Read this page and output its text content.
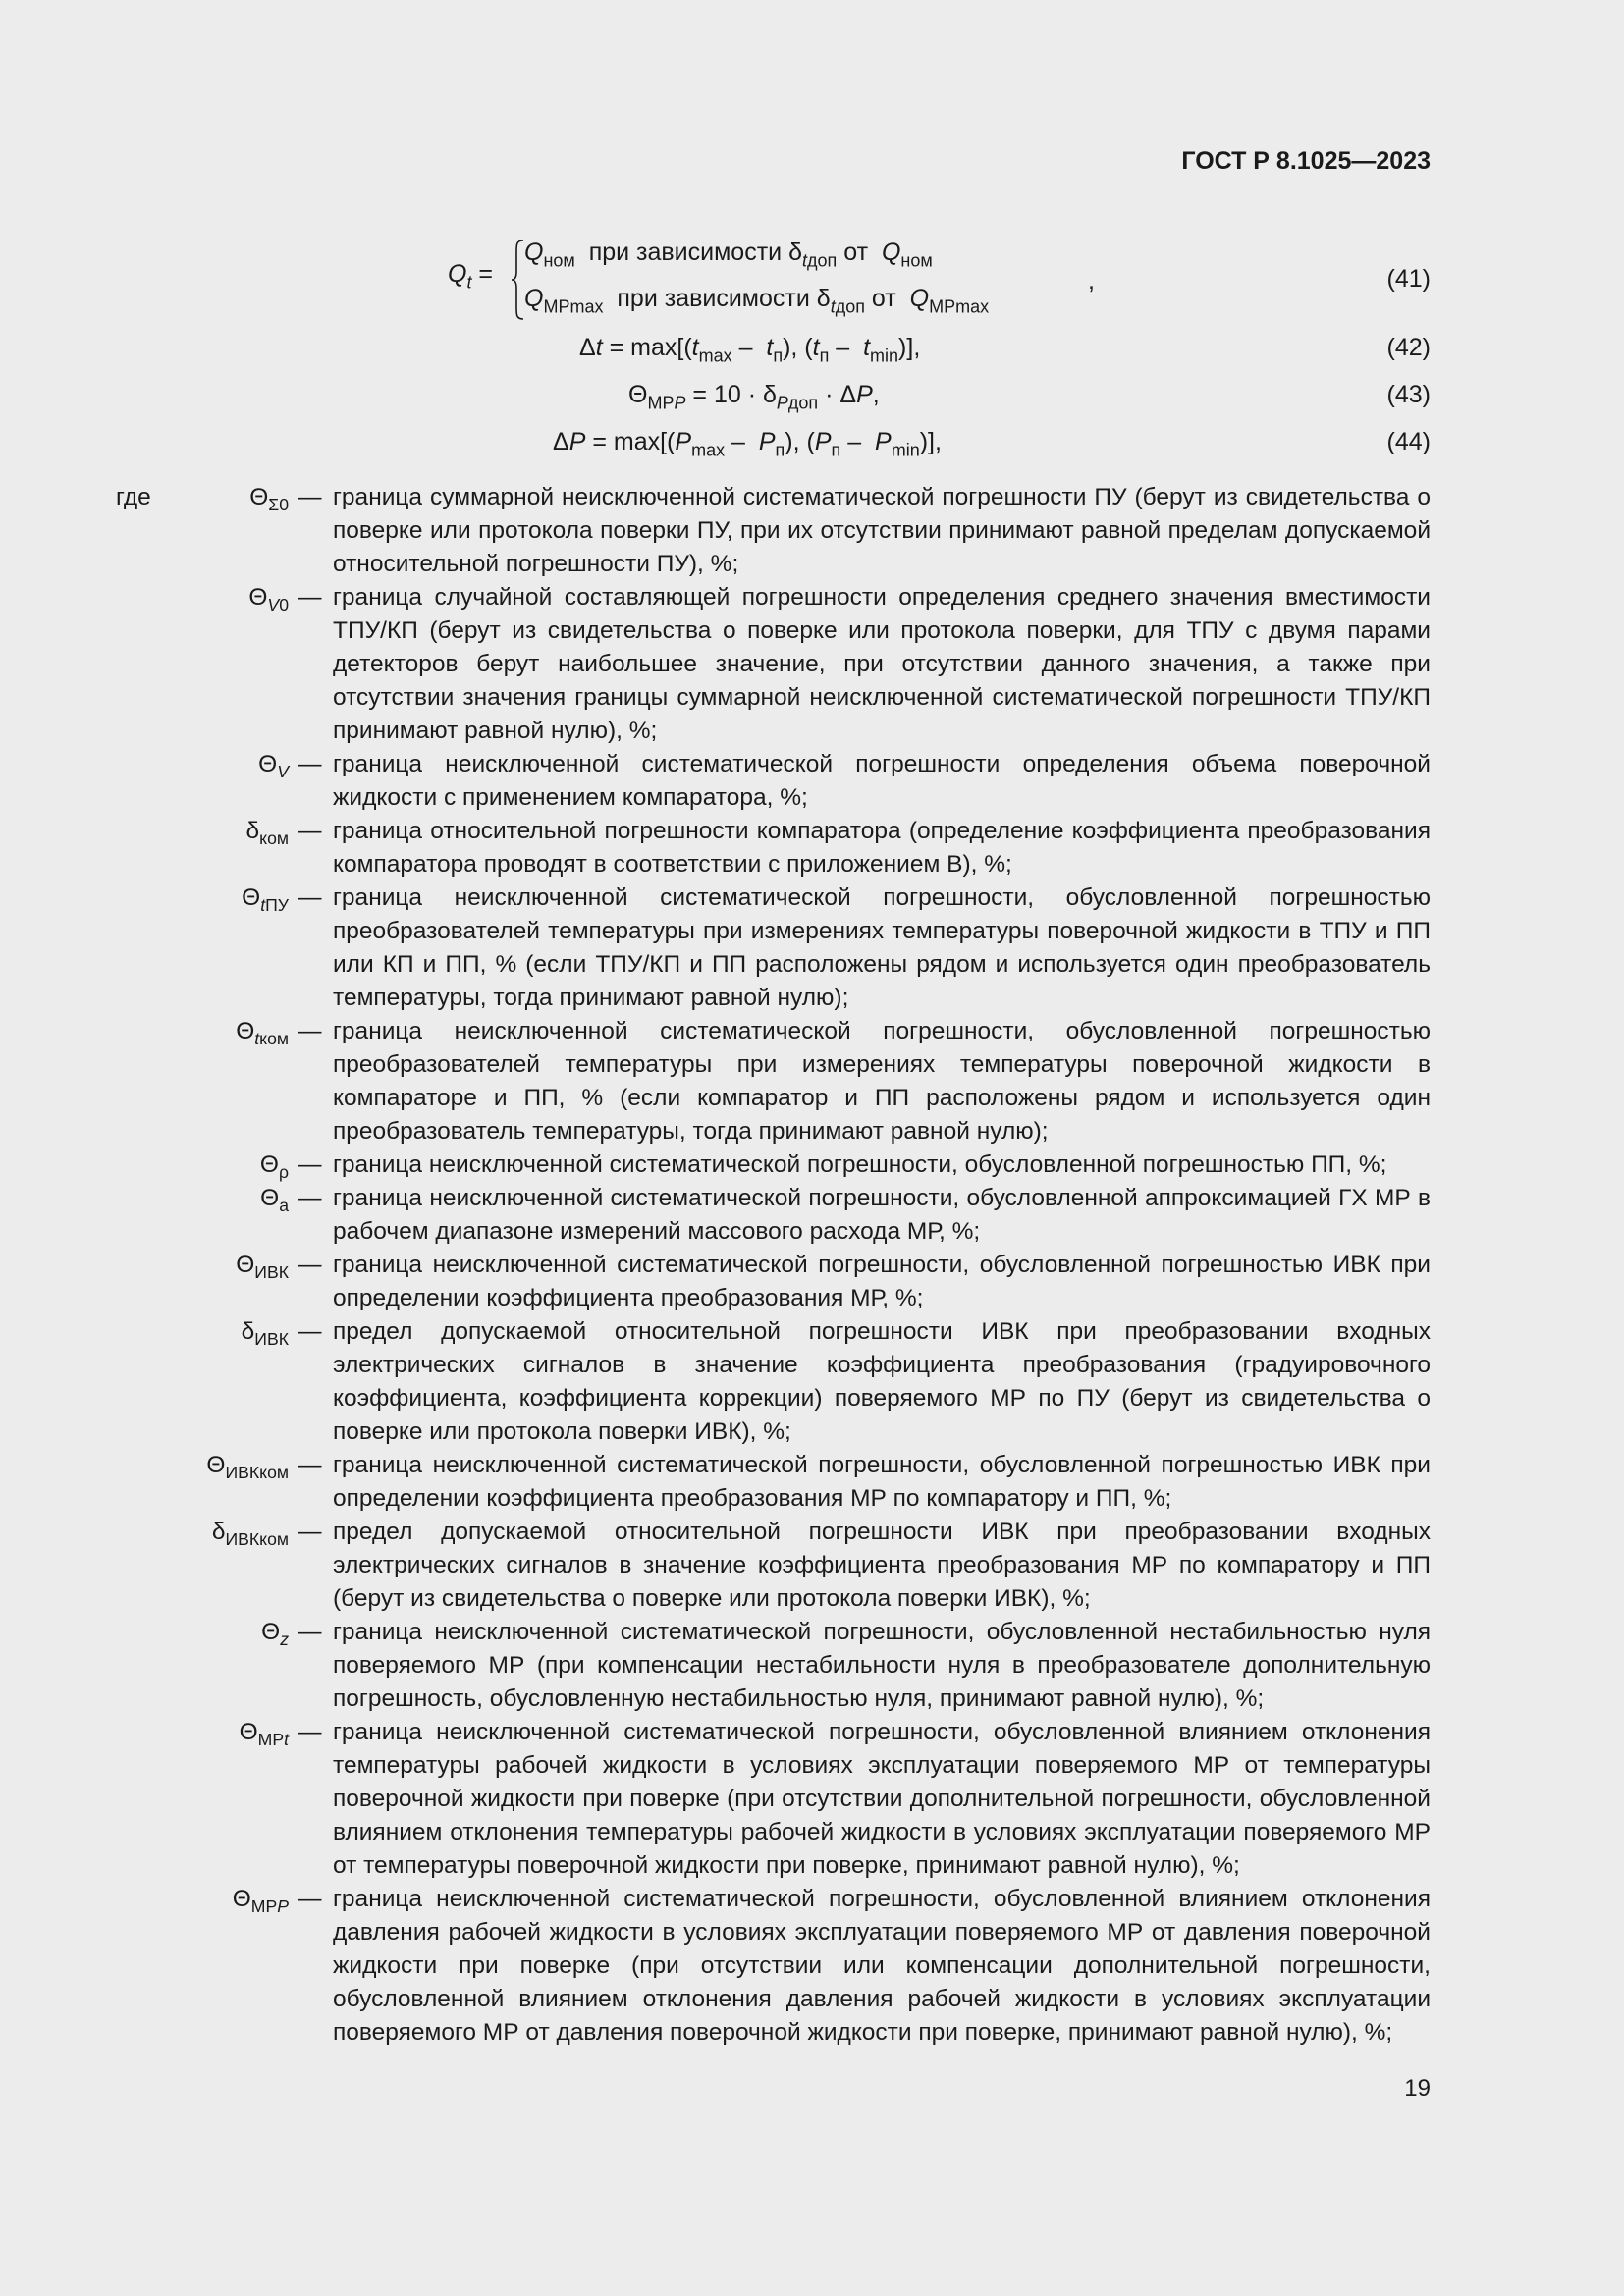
ГОСТ Р 8.1025—2023
$Q_t$ =
$Q_{ном}$ при зависимости $\delta_{tдоп}$ от $Q_{ном}$
$Q_{МРmax}$ при зависимости $\delta_{tдоп}$ от $Q_{МРmax}$
,	(41)
$\Delta t = \max[(t_{max} - t_п)$, $(t_п - t_{min})$],	(42)
$\Theta_{МРP} = 10 \cdot \delta_{Pдоп} \cdot \Delta P$,	(43)
$\Delta P = \max[(P_{max} - P_п)$, $(P_п - P_{min})$],	(44)
где	$\Theta_{\Sigma 0}$ — граница суммарной неисключенной систематической погрешности ПУ (берут из свидетельства о поверке или протокола поверки ПУ, при их отсутствии принимают равной пределам допускаемой относительной погрешности ПУ), %;
$\Theta_{V0}$ — граница случайной составляющей погрешности определения среднего значения вместимости ТПУ/КП (берут из свидетельства о поверке или протокола поверки, для ТПУ с двумя парами детекторов берут наибольшее значение, при отсутствии данного значения, а также при отсутствии значения границы суммарной неисключенной систематической погрешности ТПУ/КП принимают равной нулю), %;
$\Theta_V$ — граница неисключенной систематической погрешности определения объема поверочной жидкости с применением компаратора, %;
$\delta_{ком}$ — граница относительной погрешности компаратора (определение коэффициента преобразования компаратора проводят в соответствии с приложением В), %;
$\Theta_{tПУ}$ — граница неисключенной систематической погрешности, обусловленной погрешностью преобразователей температуры при измерениях температуры поверочной жидкости в ТПУ и ПП или КП и ПП, % (если ТПУ/КП и ПП расположены рядом и используется один преобразователь температуры, тогда принимают равной нулю);
$\Theta_{tком}$ — граница неисключенной систематической погрешности, обусловленной погрешностью преобразователей температуры при измерениях температуры поверочной жидкости в компараторе и ПП, % (если компаратор и ПП расположены рядом и используется один преобразователь температуры, тогда принимают равной нулю);
$\Theta_\rho$ — граница неисключенной систематической погрешности, обусловленной погрешностью ПП, %;
$\Theta_а$ — граница неисключенной систематической погрешности, обусловленной аппроксимацией ГХ МР в рабочем диапазоне измерений массового расхода МР, %;
$\Theta_{ИВК}$ — граница неисключенной систематической погрешности, обусловленной погрешностью ИВК при определении коэффициента преобразования МР, %;
$\delta_{ИВК}$ — предел допускаемой относительной погрешности ИВК при преобразовании входных электрических сигналов в значение коэффициента преобразования (градуировочного коэффициента, коэффициента коррекции) поверяемого МР по ПУ (берут из свидетельства о поверке или протокола поверки ИВК), %;
$\Theta_{ИВКком}$ — граница неисключенной систематической погрешности, обусловленной погрешностью ИВК при определении коэффициента преобразования МР по компаратору и ПП, %;
$\delta_{ИВКком}$ — предел допускаемой относительной погрешности ИВК при преобразовании входных электрических сигналов в значение коэффициента преобразования МР по компаратору и ПП (берут из свидетельства о поверке или протокола поверки ИВК), %;
$\Theta_z$ — граница неисключенной систематической погрешности, обусловленной нестабильностью нуля поверяемого МР (при компенсации нестабильности нуля в преобразователе дополнительную погрешность, обусловленную нестабильностью нуля, принимают равной нулю), %;
$\Theta_{МРt}$ — граница неисключенной систематической погрешности, обусловленной влиянием отклонения температуры рабочей жидкости в условиях эксплуатации поверяемого МР от температуры поверочной жидкости при поверке (при отсутствии дополнительной погрешности, обусловленной влиянием отклонения температуры рабочей жидкости в условиях эксплуатации поверяемого МР от температуры поверочной жидкости при поверке, принимают равной нулю), %;
$\Theta_{МРP}$ — граница неисключенной систематической погрешности, обусловленной влиянием отклонения давления рабочей жидкости в условиях эксплуатации поверяемого МР от давления поверочной жидкости при поверке (при отсутствии или компенсации дополнительной погрешности, обусловленной влиянием отклонения давления рабочей жидкости в условиях эксплуатации поверяемого МР от давления поверочной жидкости при поверке, принимают равной нулю), %;
19
